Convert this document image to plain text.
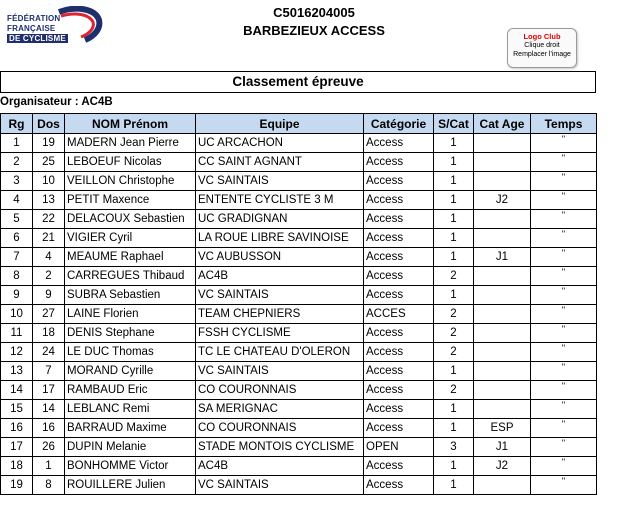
FÉDÉRATION
FRANÇAISE
DE CYCLISME
C5016204005
BARBEZIEUX ACCESS	Logo Club
Clique droit
Remplacer l'image
Classement épreuve
Organisateur : AC4B
Rg	Dos	NOM Prénom	Equipe	Catégorie	S/Cat	Cat Age	Temps
1	19	MADERN Jean Pierre	UC ARCACHON	Access	1		"
2	25	LEBOEUF Nicolas	CC SAINT AGNANT	Access	1		"
3	10	VEILLON Christophe	VC SAINTAIS	Access	1		"
4	13	PETIT Maxence	ENTENTE CYCLISTE 3 M	Access	1	J2	"
5	22	DELACOUX Sebastien	UC GRADIGNAN	Access	1		"
6	21	VIGIER Cyril	LA ROUE LIBRE SAVINOISE	Access	1		"
7	4	MEAUME Raphael	VC AUBUSSON	Access	1	J1	"
8	2	CARREGUES Thibaud	AC4B	Access	2		"
9	9	SUBRA Sebastien	VC SAINTAIS	Access	1		"
10	27	LAINE Florien	TEAM CHEPNIERS	ACCES	2		"
11	18	DENIS Stephane	FSSH CYCLISME	Access	2		"
12	24	LE DUC Thomas	TC LE CHATEAU D'OLERON	Access	2		"
13	7	MORAND Cyrille	VC SAINTAIS	Access	1		"
14	17	RAMBAUD Eric	CO COURONNAIS	Access	2		"
15	14	LEBLANC Remi	SA MERIGNAC	Access	1		"
16	16	BARRAUD Maxime	CO COURONNAIS	Access	1	ESP	"
17	26	DUPIN Melanie	STADE MONTOIS CYCLISME	OPEN	3	J1	"
18	1	BONHOMME Victor	AC4B	Access	1	J2	"
19	8	ROUILLERE Julien	VC SAINTAIS	Access	1		"
